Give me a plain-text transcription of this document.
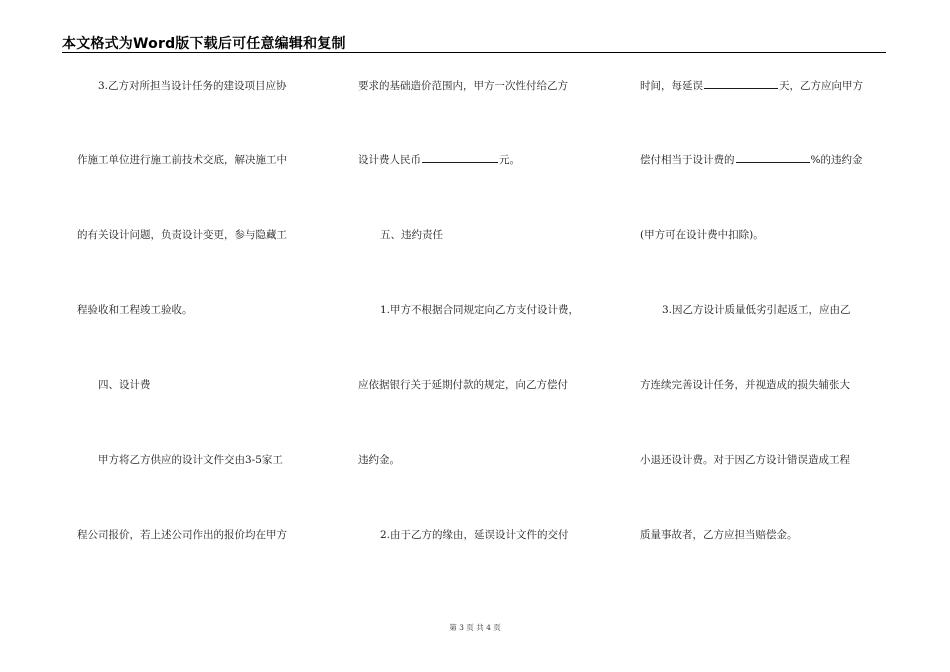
本文格式为Word版下载后可任意编辑和复制
3.乙方对所担当设计任务的建设项目应协
作施工单位进行施工前技术交底，解决施工中
的有关设计问题，负责设计变更，参与隐藏工
程验收和工程竣工验收。
四、设计费
甲方将乙方供应的设计文件交由3-5家工
程公司报价，若上述公司作出的报价均在甲方
要求的基础造价范围内，甲方一次性付给乙方
设计费人民币	元。
五、违约责任
1.甲方不根据合同规定向乙方支付设计费，
应依据银行关于延期付款的规定，向乙方偿付
违约金。
2.由于乙方的缘由，延误设计文件的交付
时间，每延误	天，乙方应向甲方
偿付相当于设计费的	%的违约金
(甲方可在设计费中扣除)。
3.因乙方设计质量低劣引起返工，应由乙
方连续完善设计任务，并视造成的损失辅张大
小退还设计费。对于因乙方设计错误造成工程
质量事故者，乙方应担当赔偿金。
第 3 页 共 4 页
